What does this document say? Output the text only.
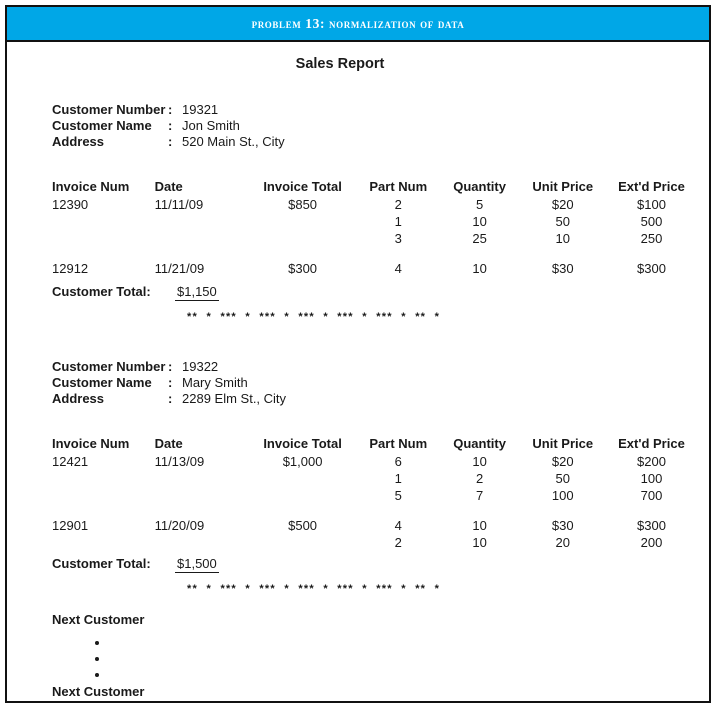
problem 13: normalization of data
Sales Report
Customer Number : 19321
Customer Name : Jon Smith
Address	: 520 Main St., City
Invoice Num	Date	Invoice Total	Part Num	Quantity	Unit Price	Ext'd Price
12390	11/11/09	$850	2	5	$20	$100
			1	10	50	500
			3	25	10	250

12912	11/21/09	$300	4	10	$30	$300
Customer Total: $1,150
**  *  ***  *  ***  *  ***  *  ***  *  ***  *  **  *
Customer Number : 19322
Customer Name : Mary Smith
Address	: 2289 Elm St., City
Invoice Num	Date	Invoice Total	Part Num	Quantity	Unit Price	Ext'd Price
12421	11/13/09	$1,000	6	10	$20	$200
			1	2	50	100
			5	7	100	700

12901	11/20/09	$500	4	10	$30	$300
			2	10	20	200
Customer Total: $1,500
**  *  ***  *  ***  *  ***  *  ***  *  ***  *  **  *
Next Customer
Next Customer
